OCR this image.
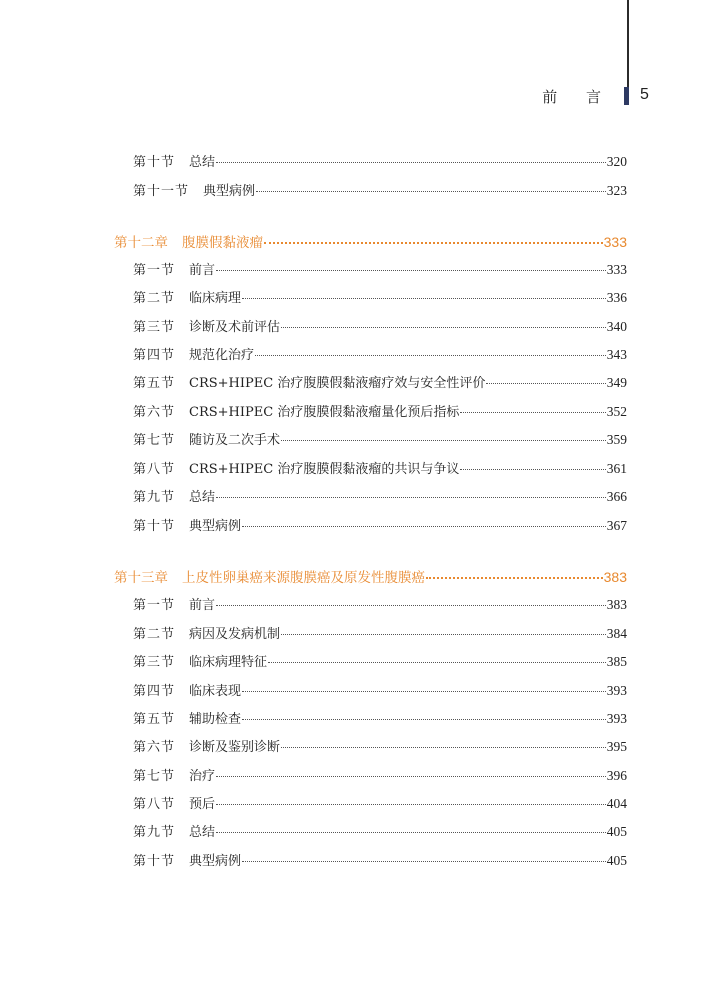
前 言 5
第十节 总结	320
第十一节 典型病例	323
第十二章 腹膜假黏液瘤	333
第一节 前言	333
第二节 临床病理	336
第三节 诊断及术前评估	340
第四节 规范化治疗	343
第五节 CRS+HIPEC 治疗腹膜假黏液瘤疗效与安全性评价	349
第六节 CRS+HIPEC 治疗腹膜假黏液瘤量化预后指标	352
第七节 随访及二次手术	359
第八节 CRS+HIPEC 治疗腹膜假黏液瘤的共识与争议	361
第九节 总结	366
第十节 典型病例	367
第十三章 上皮性卵巢癌来源腹膜癌及原发性腹膜癌	383
第一节 前言	383
第二节 病因及发病机制	384
第三节 临床病理特征	385
第四节 临床表现	393
第五节 辅助检查	393
第六节 诊断及鉴别诊断	395
第七节 治疗	396
第八节 预后	404
第九节 总结	405
第十节 典型病例	405
